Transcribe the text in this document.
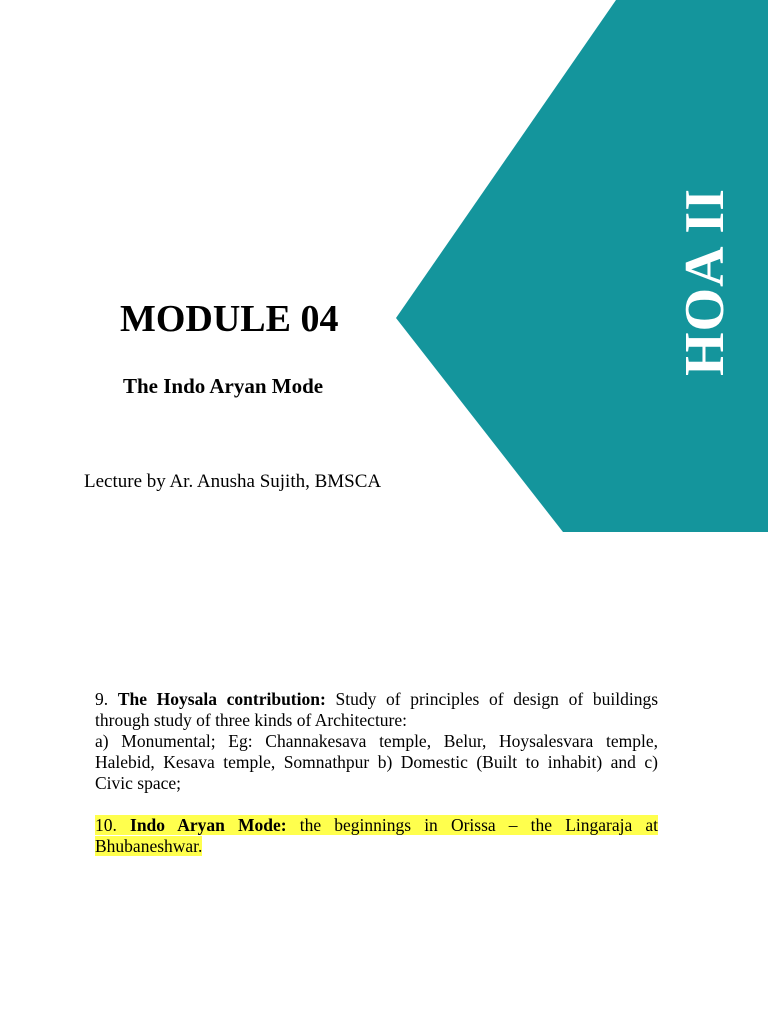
HOA II
MODULE 04
The Indo Aryan Mode

Lecture by Ar. Anusha Sujith, BMSCA

9. The Hoysala contribution: Study of principles of design of buildings through study of three kinds of Architecture:
a) Monumental; Eg: Channakesava temple, Belur, Hoysalesvara temple, Halebid, Kesava temple, Somnathpur b) Domestic (Built to inhabit) and c) Civic space;

10. Indo Aryan Mode: the beginnings in Orissa – the Lingaraja at Bhubaneshwar.
